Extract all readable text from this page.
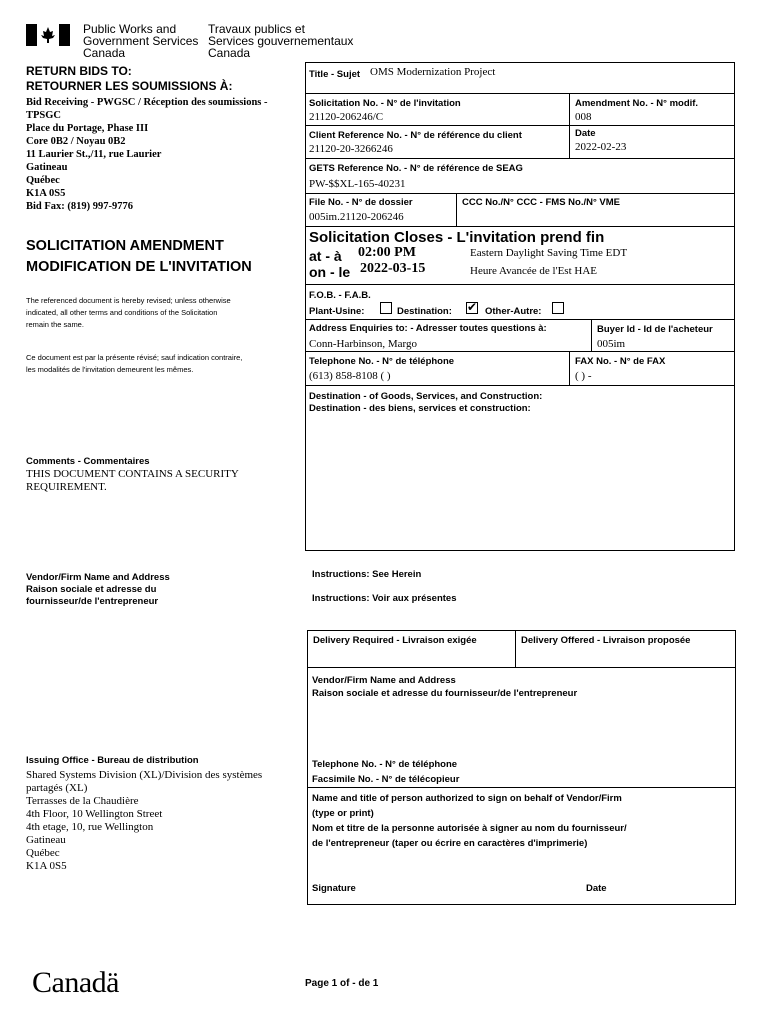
Public Works and
Government Services
Canada
Travaux publics et
Services gouvernementaux
Canada
RETURN BIDS TO:
RETOURNER LES SOUMISSIONS À:
Bid Receiving - PWGSC / Réception des soumissions -
TPSGC
Place du Portage, Phase III
Core 0B2 / Noyau 0B2
11 Laurier St.,/11, rue Laurier
Gatineau
Québec
K1A 0S5
Bid Fax: (819) 997-9776
SOLICITATION AMENDMENT
MODIFICATION DE L'INVITATION
The referenced document is hereby revised; unless otherwise
indicated, all other terms and conditions of the Solicitation
remain the same.
Ce document est par la présente révisé; sauf indication contraire,
les modalités de l'invitation demeurent les mêmes.
Comments - Commentaires
THIS DOCUMENT CONTAINS A SECURITY
REQUIREMENT.
Vendor/Firm Name and Address
Raison sociale et adresse du
fournisseur/de l'entrepreneur
Issuing Office - Bureau de distribution
Shared Systems Division (XL)/Division des systèmes
partagés (XL)
Terrasses de la Chaudière
4th Floor, 10 Wellington Street
4th etage, 10, rue Wellington
Gatineau
Québec
K1A 0S5
Title - Sujet OMS Modernization Project
Solicitation No. - N° de l'invitation
21120-206246/C
Amendment No. - N° modif.
008
Client Reference No. - N° de référence du client
21120-20-3266246
Date
2022-02-23
GETS Reference No. - N° de référence de SEAG
PW-$$XL-165-40231
File No. - N° de dossier
005im.21120-206246
CCC No./N° CCC - FMS No./N° VME
Solicitation Closes - L'invitation prend fin
at - à 02:00 PM
on - le 2022-03-15
Eastern Daylight Saving Time EDT
Heure Avancée de l'Est HAE
F.O.B. - F.A.B.
Plant-Usine:	Destination: ✔ Other-Autre:
Address Enquiries to: - Adresser toutes questions à:
Conn-Harbinson, Margo
Buyer Id - Id de l'acheteur
005im
Telephone No. - N° de téléphone
(613) 858-8108 ( )
FAX No. - N° de FAX
( ) -
Destination - of Goods, Services, and Construction:
Destination - des biens, services et construction:
Instructions: See Herein
Instructions: Voir aux présentes
Delivery Required - Livraison exigée	Delivery Offered - Livraison proposée
Vendor/Firm Name and Address
Raison sociale et adresse du fournisseur/de l'entrepreneur
Telephone No. - N° de téléphone
Facsimile No. - N° de télécopieur
Name and title of person authorized to sign on behalf of Vendor/Firm
(type or print)
Nom et titre de la personne autorisée à signer au nom du fournisseur/
de l'entrepreneur (taper ou écrire en caractères d'imprimerie)
Signature	Date
Canadä	Page 1 of - de 1
